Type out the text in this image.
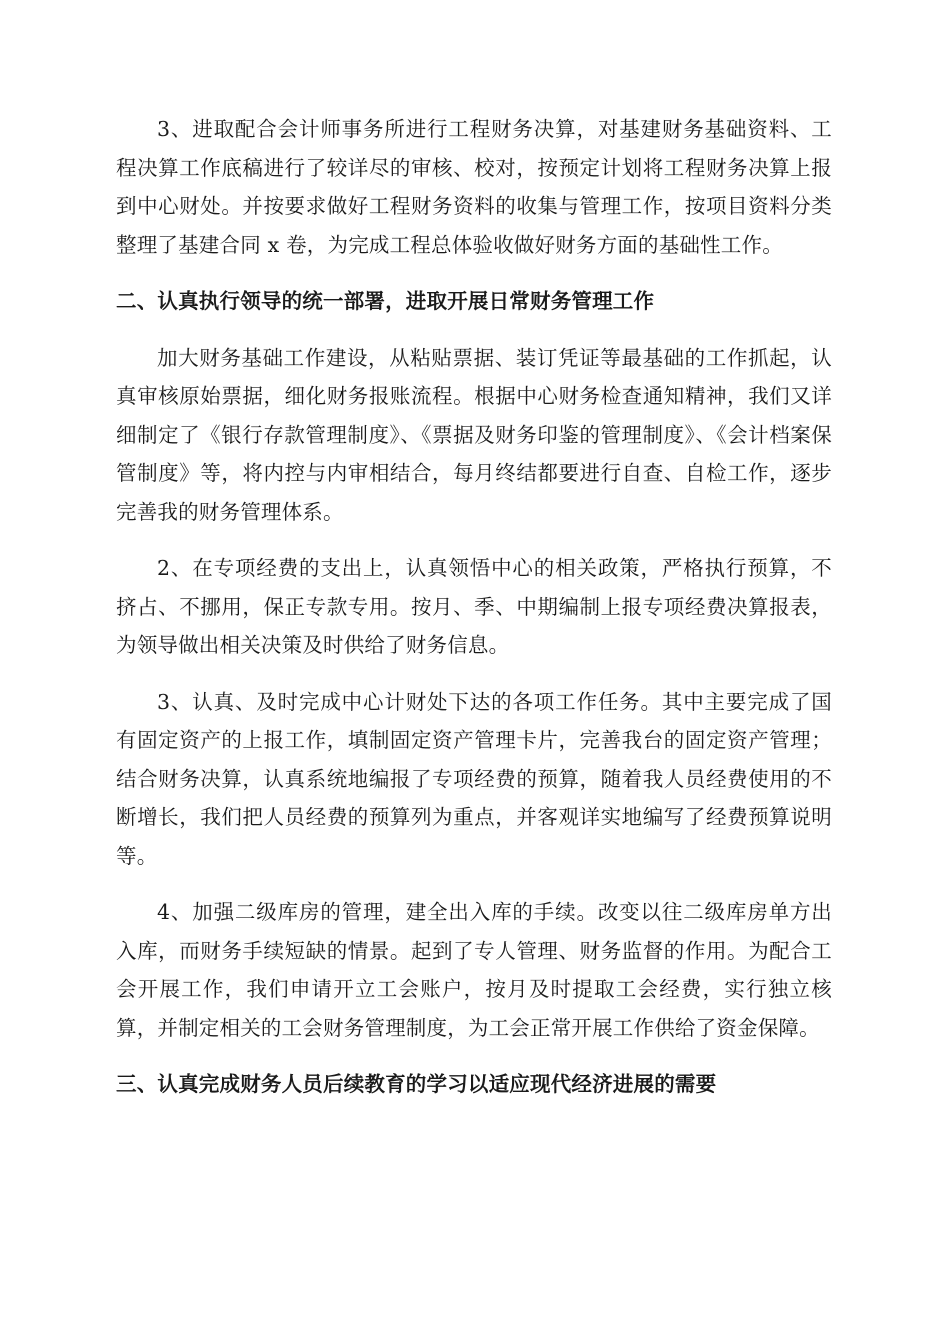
3、进取配合会计师事务所进行工程财务决算，对基建财务基础资料、工程决算工作底稿进行了较详尽的审核、校对，按预定计划将工程财务决算上报到中心财处。并按要求做好工程财务资料的收集与管理工作，按项目资料分类整理了基建合同 x 卷，为完成工程总体验收做好财务方面的基础性工作。

二、认真执行领导的统一部署，进取开展日常财务管理工作

加大财务基础工作建设，从粘贴票据、装订凭证等最基础的工作抓起，认真审核原始票据，细化财务报账流程。根据中心财务检查通知精神，我们又详细制定了《银行存款管理制度》、《票据及财务印鉴的管理制度》、《会计档案保管制度》等，将内控与内审相结合，每月终结都要进行自查、自检工作，逐步完善我的财务管理体系。

2、在专项经费的支出上，认真领悟中心的相关政策，严格执行预算，不挤占、不挪用，保正专款专用。按月、季、中期编制上报专项经费决算报表，为领导做出相关决策及时供给了财务信息。

3、认真、及时完成中心计财处下达的各项工作任务。其中主要完成了国有固定资产的上报工作，填制固定资产管理卡片，完善我台的固定资产管理；结合财务决算，认真系统地编报了专项经费的预算，随着我人员经费使用的不断增长，我们把人员经费的预算列为重点，并客观详实地编写了经费预算说明等。

4、加强二级库房的管理，建全出入库的手续。改变以往二级库房单方出入库，而财务手续短缺的情景。起到了专人管理、财务监督的作用。为配合工会开展工作，我们申请开立工会账户，按月及时提取工会经费，实行独立核算，并制定相关的工会财务管理制度，为工会正常开展工作供给了资金保障。

三、认真完成财务人员后续教育的学习以适应现代经济进展的需要
